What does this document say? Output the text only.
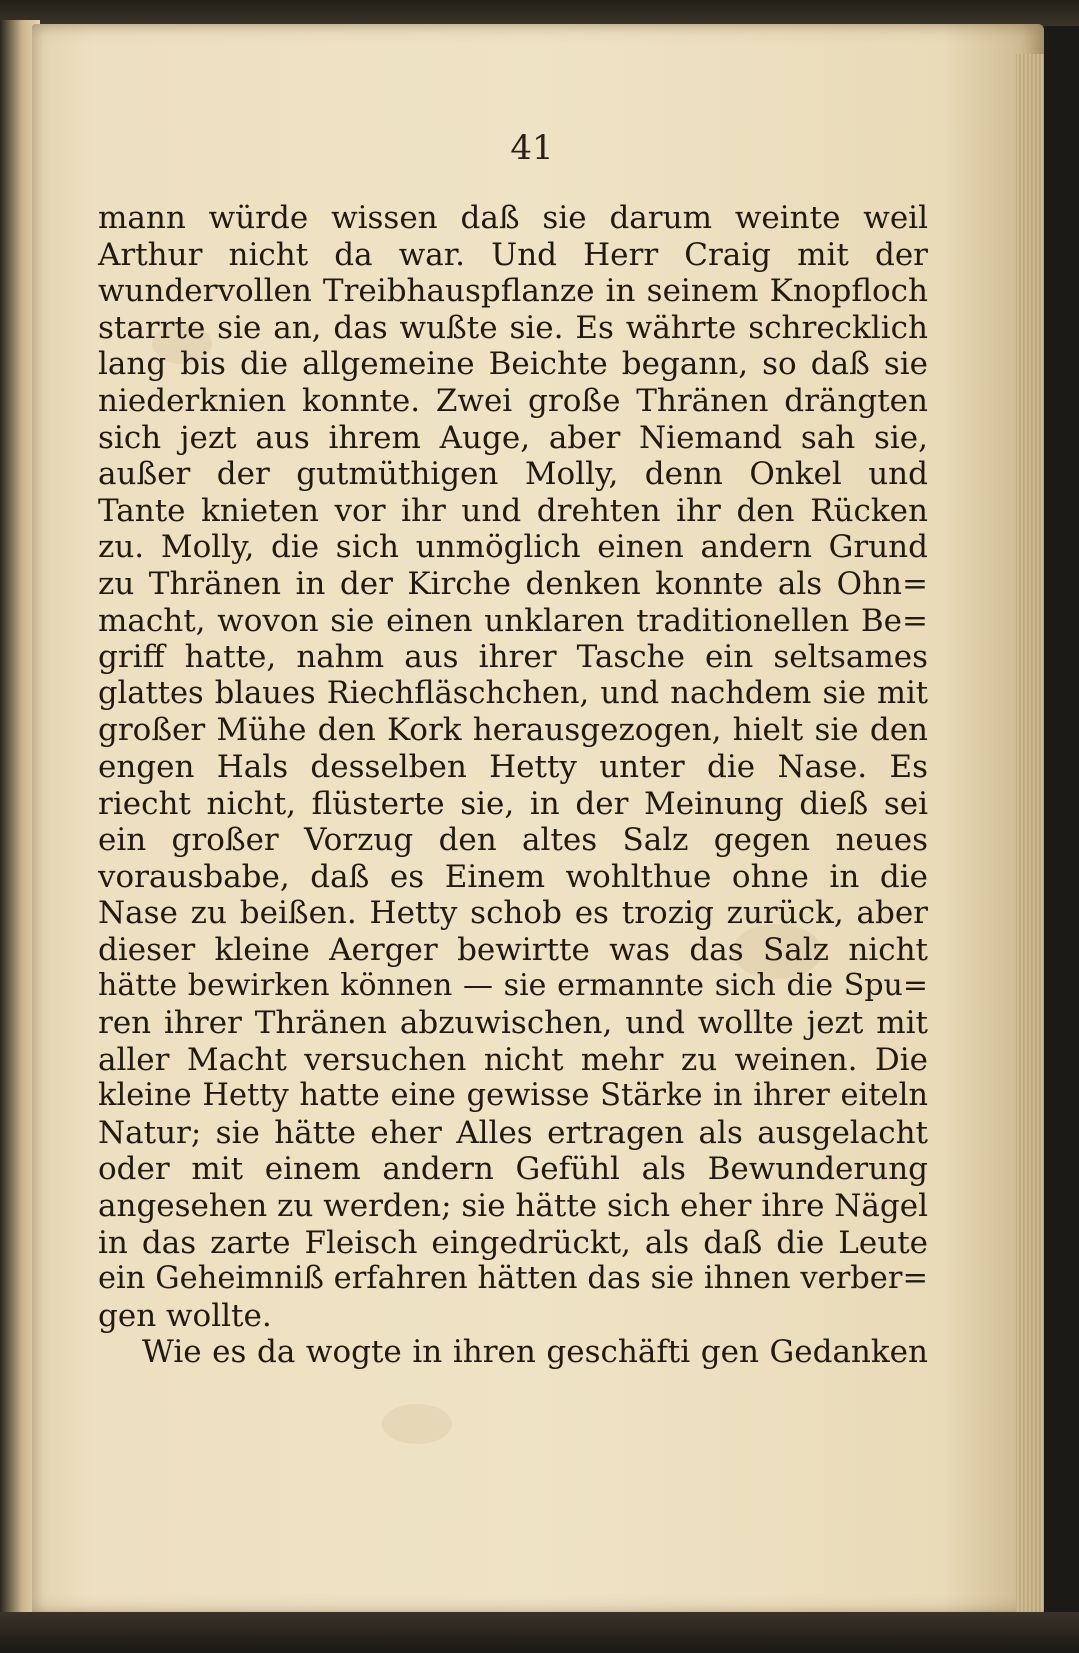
41
mann würde wissen daß sie darum weinte weil
Arthur nicht da war. Und Herr Craig mit der
wundervollen Treibhauspflanze in seinem Knopfloch
starrte sie an, das wußte sie. Es währte schrecklich
lang bis die allgemeine Beichte begann, so daß sie
niederknien konnte. Zwei große Thränen drängten
sich jezt aus ihrem Auge, aber Niemand sah sie,
außer der gutmüthigen Molly, denn Onkel und
Tante knieten vor ihr und drehten ihr den Rücken
zu. Molly, die sich unmöglich einen andern Grund
zu Thränen in der Kirche denken konnte als Ohn=
macht, wovon sie einen unklaren traditionellen Be=
griff hatte, nahm aus ihrer Tasche ein seltsames
glattes blaues Riechfläschchen, und nachdem sie mit
großer Mühe den Kork herausgezogen, hielt sie den
engen Hals desselben Hetty unter die Nase. Es
riecht nicht, flüsterte sie, in der Meinung dieß sei
ein großer Vorzug den altes Salz gegen neues
vorausbabe, daß es Einem wohlthue ohne in die
Nase zu beißen. Hetty schob es trozig zurück, aber
dieser kleine Aerger bewirtte was das Salz nicht
hätte bewirken können — sie ermannte sich die Spu=
ren ihrer Thränen abzuwischen, und wollte jezt mit
aller Macht versuchen nicht mehr zu weinen. Die
kleine Hetty hatte eine gewisse Stärke in ihrer eiteln
Natur; sie hätte eher Alles ertragen als ausgelacht
oder mit einem andern Gefühl als Bewunderung
angesehen zu werden; sie hätte sich eher ihre Nägel
in das zarte Fleisch eingedrückt, als daß die Leute
ein Geheimniß erfahren hätten das sie ihnen verber=
gen wollte.
Wie es da wogte in ihren geschäfti gen Gedanken
